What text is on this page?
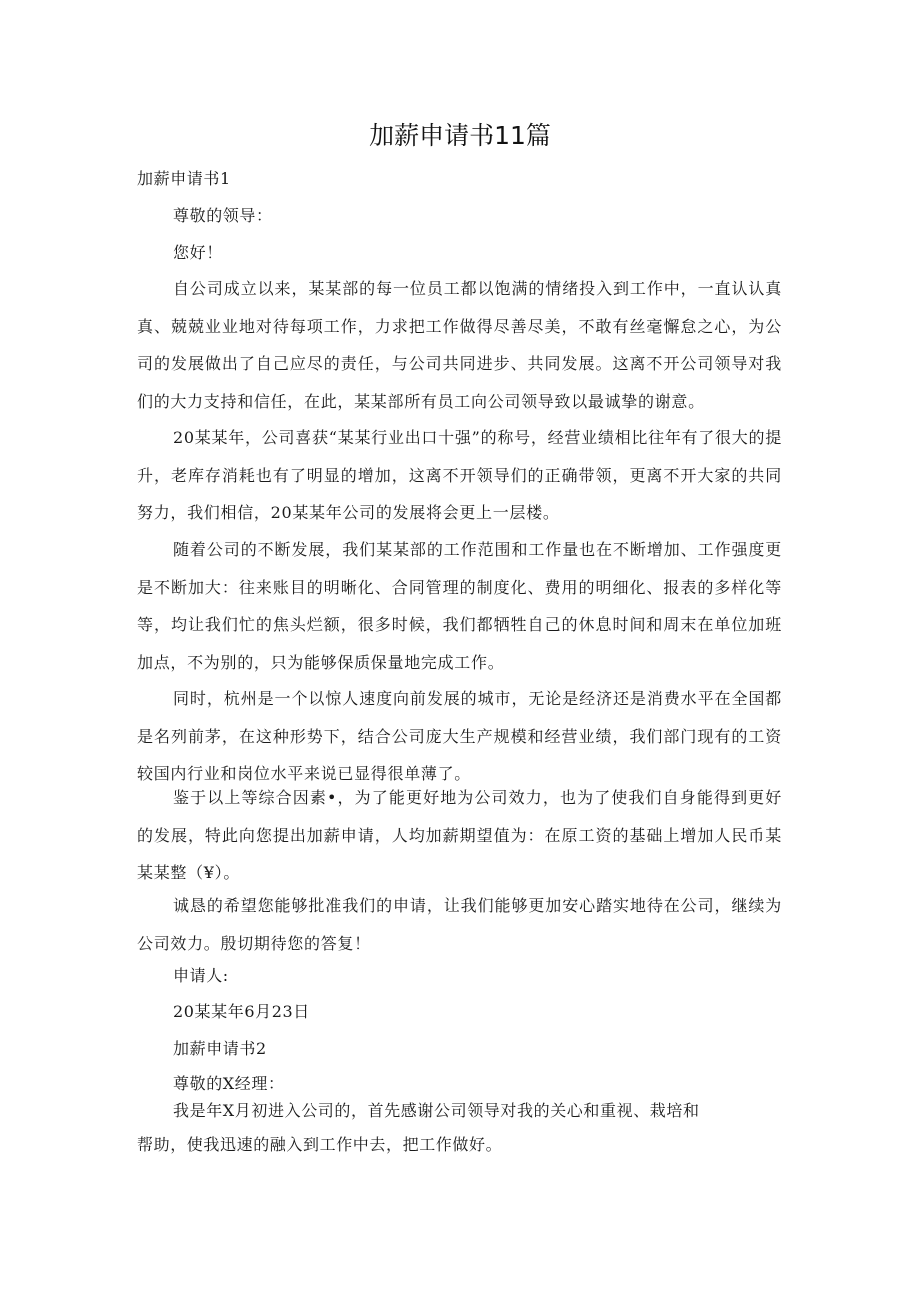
加薪申请书11篇
加薪申请书1
尊敬的领导：
您好！
自公司成立以来，某某部的每一位员工都以饱满的情绪投入到工作中，一直认认真真、兢兢业业地对待每项工作，力求把工作做得尽善尽美，不敢有丝毫懈怠之心，为公司的发展做出了自己应尽的责任，与公司共同进步、共同发展。这离不开公司领导对我们的大力支持和信任，在此，某某部所有员工向公司领导致以最诚挚的谢意。
20某某年，公司喜获“某某行业出口十强”的称号，经营业绩相比往年有了很大的提升，老库存消耗也有了明显的增加，这离不开领导们的正确带领，更离不开大家的共同努力，我们相信，20某某年公司的发展将会更上一层楼。
随着公司的不断发展，我们某某部的工作范围和工作量也在不断增加、工作强度更是不断加大：往来账目的明晰化、合同管理的制度化、费用的明细化、报表的多样化等等，均让我们忙的焦头烂额，很多时候，我们都牺牲自己的休息时间和周末在单位加班加点，不为别的，只为能够保质保量地完成工作。
同时，杭州是一个以惊人速度向前发展的城市，无论是经济还是消费水平在全国都是名列前茅，在这种形势下，结合公司庞大生产规模和经营业绩，我们部门现有的工资较国内行业和岗位水平来说已显得很单薄了。
鉴于以上等综合因素•，为了能更好地为公司效力，也为了使我们自身能得到更好的发展，特此向您提出加薪申请，人均加薪期望值为：在原工资的基础上增加人民币某某某整（¥）。
诚恳的希望您能够批准我们的申请，让我们能够更加安心踏实地待在公司，继续为公司效力。殷切期待您的答复！
申请人:
20某某年6月23日
加薪申请书2
尊敬的X经理：
我是年X月初进入公司的，首先感谢公司领导对我的关心和重视、栽培和
帮助，使我迅速的融入到工作中去，把工作做好。
